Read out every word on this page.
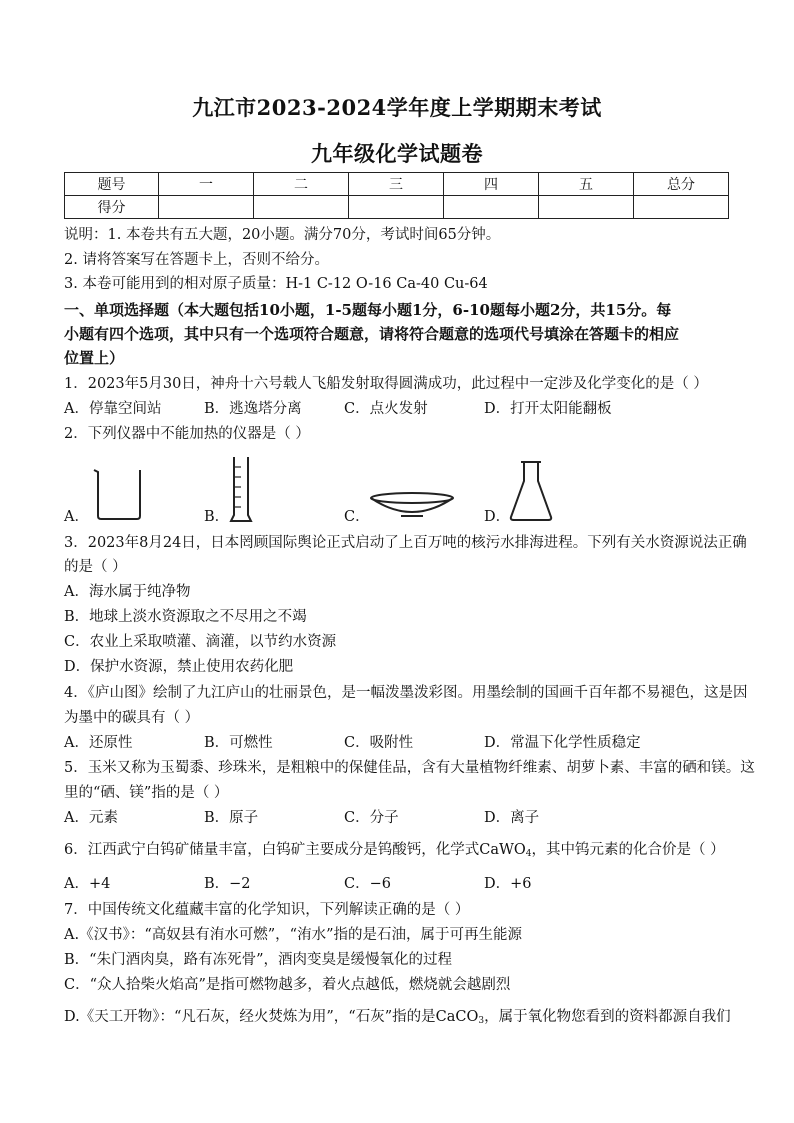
九江市2023-2024学年度上学期期末考试
九年级化学试题卷
题号	一	二	三	四	五	总分
得分						
说明：1. 本卷共有五大题，20小题。满分70分，考试时间65分钟。
2. 请将答案写在答题卡上，否则不给分。
3. 本卷可能用到的相对原子质量：H-1 C-12 O-16 Ca-40 Cu-64
一、单项选择题（本大题包括10小题，1-5题每小题1分，6-10题每小题2分，共15分。每
小题有四个选项，其中只有一个选项符合题意，请将符合题意的选项代号填涂在答题卡的相应
位置上）
1．2023年5月30日，神舟十六号载人飞船发射取得圆满成功，此过程中一定涉及化学变化的是（ ）
A．停靠空间站	B．逃逸塔分离	C．点火发射	D．打开太阳能翻板
2．下列仪器中不能加热的仪器是（ ）
A．	B．	C．	D．
3．2023年8月24日，日本罔顾国际舆论正式启动了上百万吨的核污水排海进程。下列有关水资源说法正确
的是（ ）
A．海水属于纯净物
B．地球上淡水资源取之不尽用之不竭
C．农业上采取喷灌、滴灌，以节约水资源
D．保护水资源，禁止使用农药化肥
4．《庐山图》绘制了九江庐山的壮丽景色，是一幅泼墨泼彩图。用墨绘制的国画千百年都不易褪色，这是因
为墨中的碳具有（ ）
A．还原性	B．可燃性	C．吸附性	D．常温下化学性质稳定
5．玉米又称为玉蜀黍、珍珠米，是粗粮中的保健佳品，含有大量植物纤维素、胡萝卜素、丰富的硒和镁。这
里的“硒、镁”指的是（ ）
A．元素	B．原子	C．分子	D．离子
6．江西武宁白钨矿储量丰富，白钨矿主要成分是钨酸钙，化学式CaWO$_4$，其中钨元素的化合价是（ ）
A．+4	B．−2	C．−6	D．+6
7．中国传统文化蕴藏丰富的化学知识，下列解读正确的是（ ）
A.《汉书》：“高奴县有洧水可燃”，“洧水”指的是石油，属于可再生能源
B．“朱门酒肉臭，路有冻死骨”，酒肉变臭是缓慢氧化的过程
C．“众人拾柴火焰高”是指可燃物越多，着火点越低，燃烧就会越剧烈
D.《天工开物》：“凡石灰，经火焚炼为用”，“石灰”指的是CaCO$_3$，属于氧化物您看到的资料都源自我们
